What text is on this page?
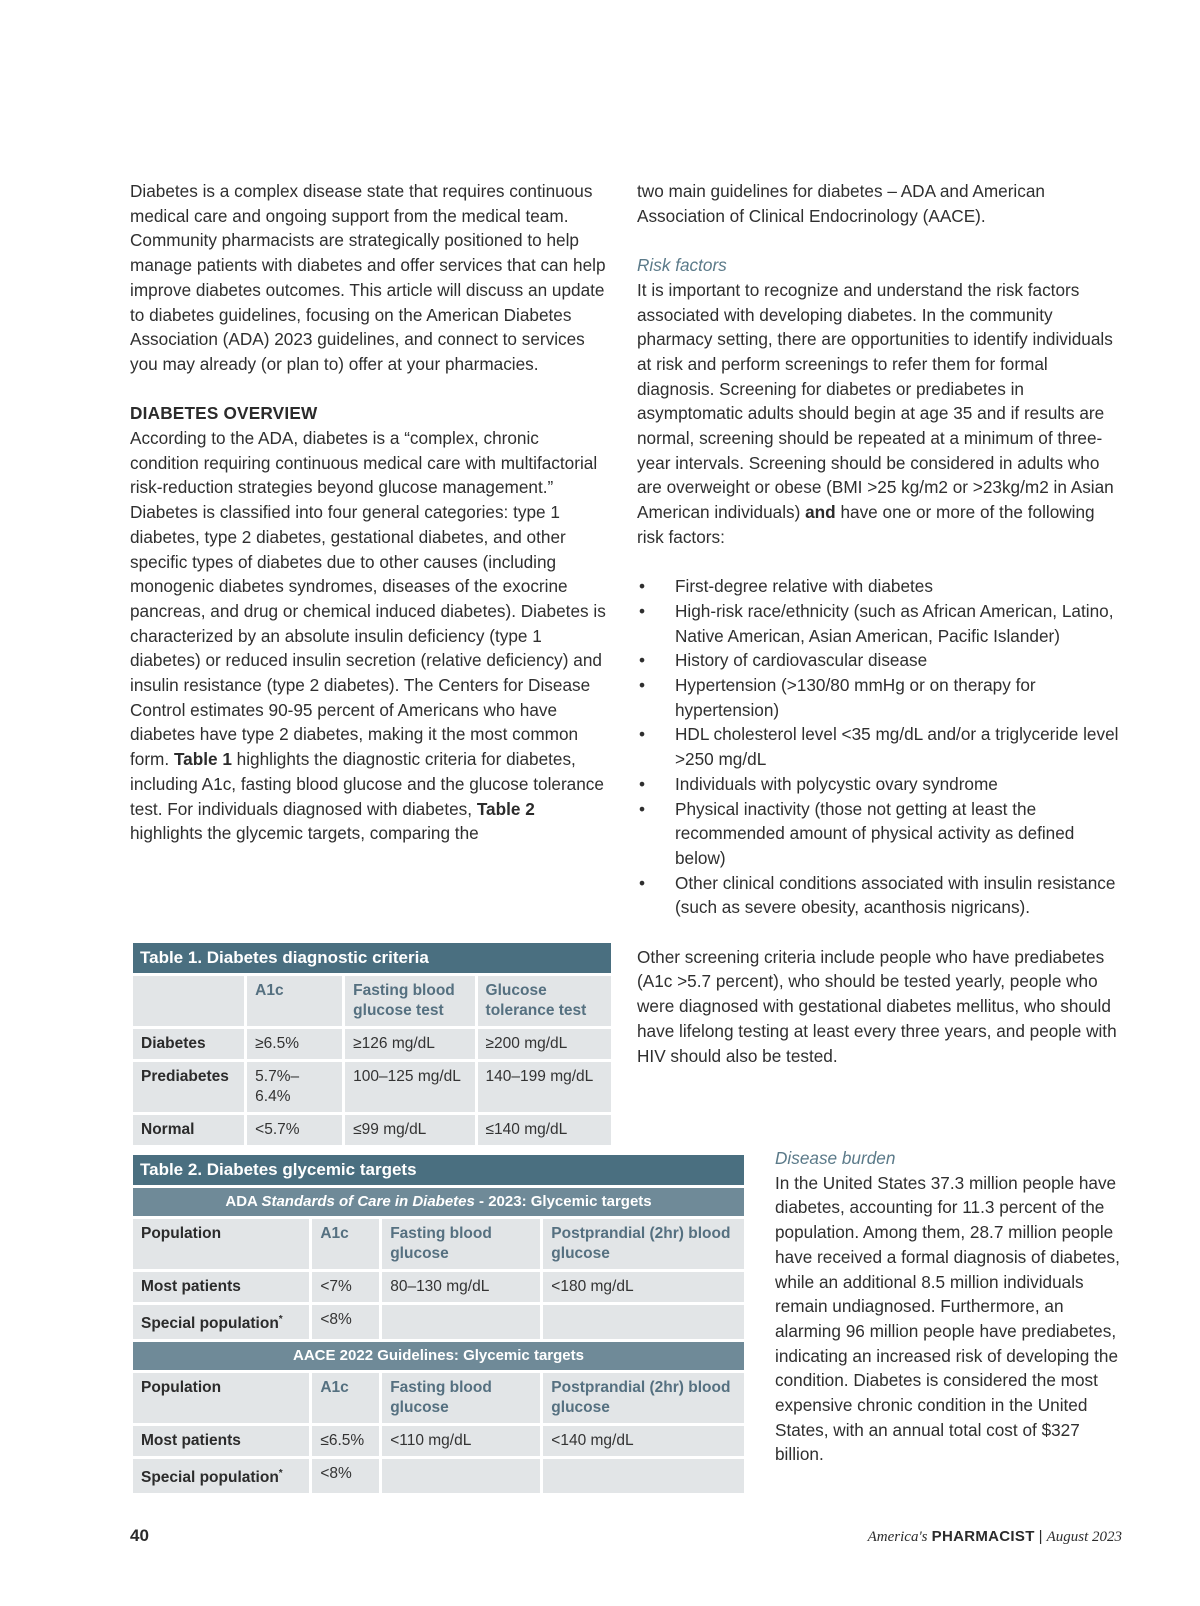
Diabetes is a complex disease state that requires continuous medical care and ongoing support from the medical team. Community pharmacists are strategically positioned to help manage patients with diabetes and offer services that can help improve diabetes outcomes. This article will discuss an update to diabetes guidelines, focusing on the American Diabetes Association (ADA) 2023 guidelines, and connect to services you may already (or plan to) offer at your pharmacies.

DIABETES OVERVIEW

According to the ADA, diabetes is a “complex, chronic condition requiring continuous medical care with multifactorial risk-reduction strategies beyond glucose management.” Diabetes is classified into four general categories: type 1 diabetes, type 2 diabetes, gestational diabetes, and other specific types of diabetes due to other causes (including monogenic diabetes syndromes, diseases of the exocrine pancreas, and drug or chemical induced diabetes). Diabetes is characterized by an absolute insulin deficiency (type 1 diabetes) or reduced insulin secretion (relative deficiency) and insulin resistance (type 2 diabetes). The Centers for Disease Control estimates 90-95 percent of Americans who have diabetes have type 2 diabetes, making it the most common form. Table 1 highlights the diagnostic criteria for diabetes, including A1c, fasting blood glucose and the glucose tolerance test. For individuals diagnosed with diabetes, Table 2 highlights the glycemic targets, comparing the

two main guidelines for diabetes – ADA and American Association of Clinical Endocrinology (AACE).

Risk factors

It is important to recognize and understand the risk factors associated with developing diabetes. In the community pharmacy setting, there are opportunities to identify individuals at risk and perform screenings to refer them for formal diagnosis. Screening for diabetes or prediabetes in asymptomatic adults should begin at age 35 and if results are normal, screening should be repeated at a minimum of three-year intervals. Screening should be considered in adults who are overweight or obese (BMI >25 kg/m2 or >23kg/m2 in Asian American individuals) and have one or more of the following risk factors:

• First-degree relative with diabetes
• High-risk race/ethnicity (such as African American, Latino, Native American, Asian American, Pacific Islander)
• History of cardiovascular disease
• Hypertension (>130/80 mmHg or on therapy for hypertension)
• HDL cholesterol level <35 mg/dL and/or a triglyceride level >250 mg/dL
• Individuals with polycystic ovary syndrome
• Physical inactivity (those not getting at least the recommended amount of physical activity as defined below)
• Other clinical conditions associated with insulin resistance (such as severe obesity, acanthosis nigricans).

Other screening criteria include people who have prediabetes (A1c >5.7 percent), who should be tested yearly, people who were diagnosed with gestational diabetes mellitus, who should have lifelong testing at least every three years, and people with HIV should also be tested.

Disease burden

In the United States 37.3 million people have diabetes, accounting for 11.3 percent of the population. Among them, 28.7 million people have received a formal diagnosis of diabetes, while an additional 8.5 million individuals remain undiagnosed. Furthermore, an alarming 96 million people have prediabetes, indicating an increased risk of developing the condition. Diabetes is considered the most expensive chronic condition in the United States, with an annual total cost of $327 billion.

Table 1. Diabetes diagnostic criteria			
	A1c	Fasting blood glucose test	Glucose tolerance test
Diabetes	≥6.5%	≥126 mg/dL	≥200 mg/dL
Prediabetes	5.7%–6.4%	100–125 mg/dL	140–199 mg/dL
Normal	<5.7%	≤99 mg/dL	≤140 mg/dL
Table 2. Diabetes glycemic targets			
ADA Standards of Care in Diabetes - 2023: Glycemic targets			
Population	A1c	Fasting blood glucose	Postprandial (2hr) blood glucose
Most patients	<7%	80–130 mg/dL	<180 mg/dL
Special population*	<8%		
AACE 2022 Guidelines: Glycemic targets			
Population	A1c	Fasting blood glucose	Postprandial (2hr) blood glucose
Most patients	≤6.5%	<110 mg/dL	<140 mg/dL
Special population*	<8%		
40	America's PHARMACIST | August 2023
